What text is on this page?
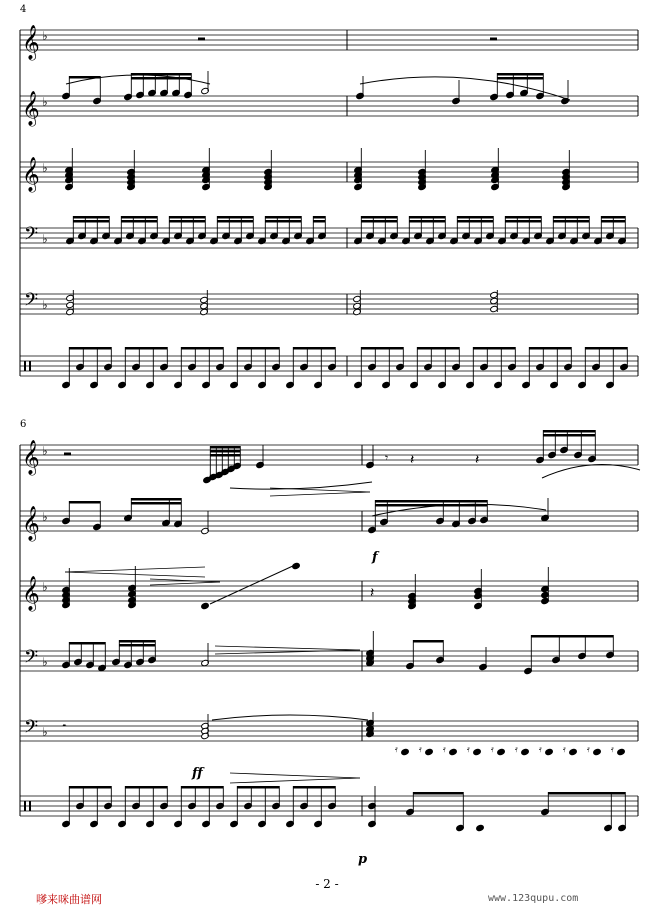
𝄞 ♭
𝄞 ♭
𝄞 ♭
𝄢 ♭
𝄢 ♭
𝄞 ♭
𝄞 ♭
𝄞 ♭
𝄢 ♭
𝄢 ♭
𝄾 𝄽	𝄽
𝄽
𝄼
𝄿 𝄿 𝄿 𝄿 𝄿 𝄿 𝄿 𝄿 𝄿 𝄿
4
6
f
ff
p
- 2 -
嗲来咪曲谱网	www.123qupu.com
